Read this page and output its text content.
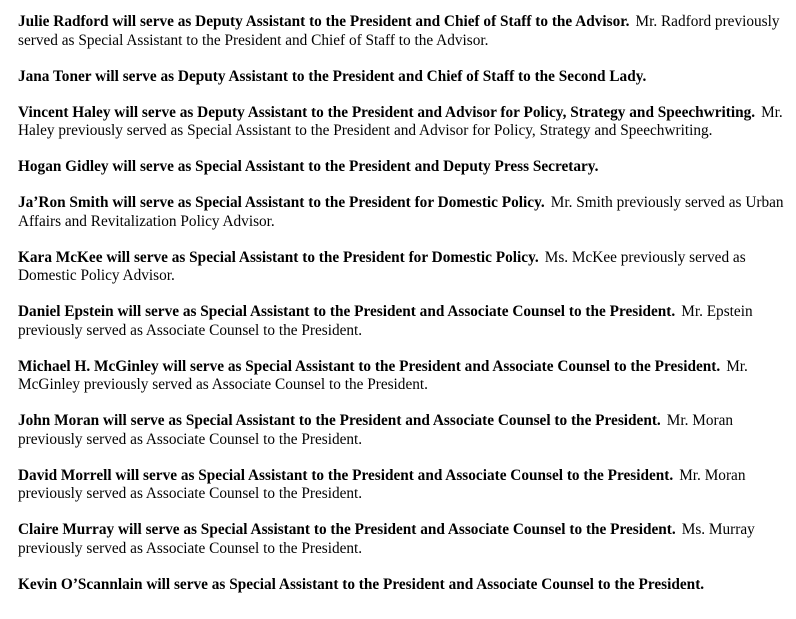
Julie Radford will serve as Deputy Assistant to the President and Chief of Staff to the Advisor. Mr. Radford previously served as Special Assistant to the President and Chief of Staff to the Advisor.

Jana Toner will serve as Deputy Assistant to the President and Chief of Staff to the Second Lady.

Vincent Haley will serve as Deputy Assistant to the President and Advisor for Policy, Strategy and Speechwriting. Mr. Haley previously served as Special Assistant to the President and Advisor for Policy, Strategy and Speechwriting.

Hogan Gidley will serve as Special Assistant to the President and Deputy Press Secretary.

Ja’Ron Smith will serve as Special Assistant to the President for Domestic Policy. Mr. Smith previously served as Urban Affairs and Revitalization Policy Advisor.

Kara McKee will serve as Special Assistant to the President for Domestic Policy. Ms. McKee previously served as Domestic Policy Advisor.

Daniel Epstein will serve as Special Assistant to the President and Associate Counsel to the President. Mr. Epstein previously served as Associate Counsel to the President.

Michael H. McGinley will serve as Special Assistant to the President and Associate Counsel to the President. Mr. McGinley previously served as Associate Counsel to the President.

John Moran will serve as Special Assistant to the President and Associate Counsel to the President. Mr. Moran previously served as Associate Counsel to the President.

David Morrell will serve as Special Assistant to the President and Associate Counsel to the President. Mr. Moran previously served as Associate Counsel to the President.

Claire Murray will serve as Special Assistant to the President and Associate Counsel to the President. Ms. Murray previously served as Associate Counsel to the President.

Kevin O’Scannlain will serve as Special Assistant to the President and Associate Counsel to the President.
